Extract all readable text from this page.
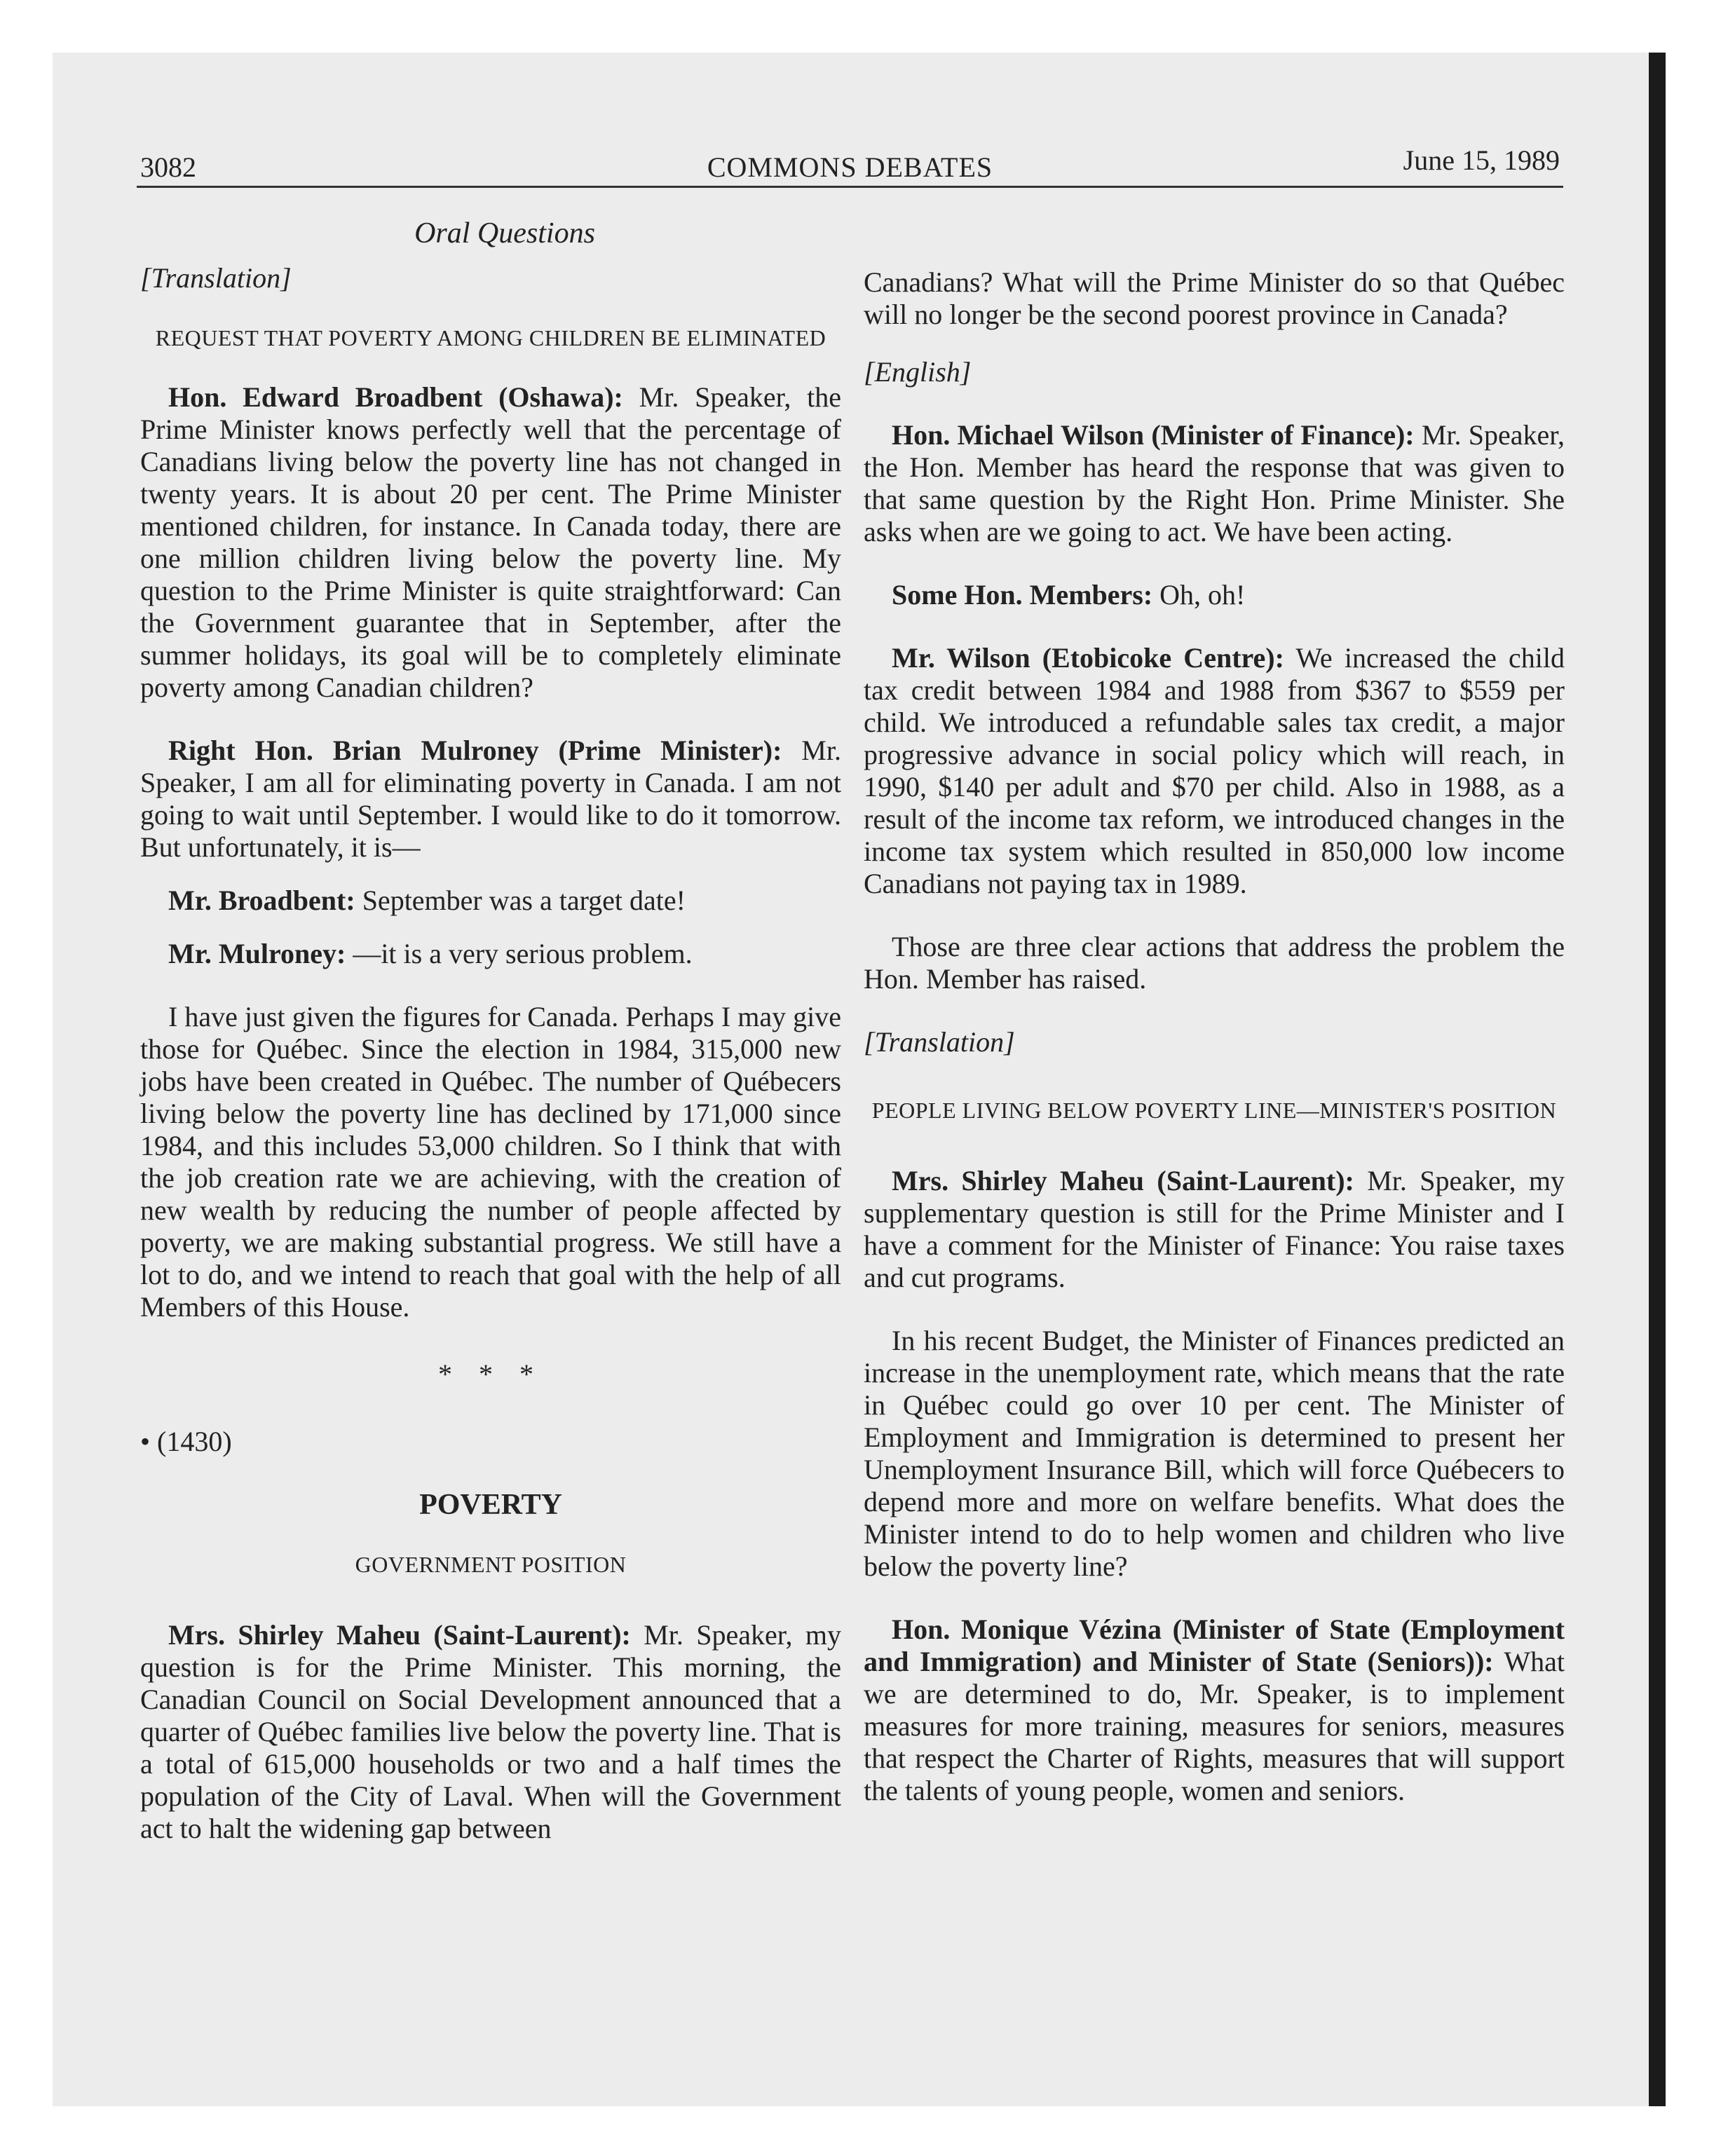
3082	COMMONS DEBATES	June 15, 1989

Oral Questions

[Translation]

REQUEST THAT POVERTY AMONG CHILDREN BE ELIMINATED

Hon. Edward Broadbent (Oshawa): Mr. Speaker, the Prime Minister knows perfectly well that the percentage of Canadians living below the poverty line has not changed in twenty years. It is about 20 per cent. The Prime Minister mentioned children, for instance. In Canada today, there are one million children living below the poverty line. My question to the Prime Minister is quite straightforward: Can the Government guarantee that in September, after the summer holidays, its goal will be to completely eliminate poverty among Canadian children?

Right Hon. Brian Mulroney (Prime Minister): Mr. Speaker, I am all for eliminating poverty in Canada. I am not going to wait until September. I would like to do it tomorrow. But unfortunately, it is—

Mr. Broadbent: September was a target date!

Mr. Mulroney: —it is a very serious problem.

I have just given the figures for Canada. Perhaps I may give those for Québec. Since the election in 1984, 315,000 new jobs have been created in Québec. The number of Québecers living below the poverty line has declined by 171,000 since 1984, and this includes 53,000 children. So I think that with the job creation rate we are achieving, with the creation of new wealth by reducing the number of people affected by poverty, we are making substantial progress. We still have a lot to do, and we intend to reach that goal with the help of all Members of this House.

* * *

• (1430)

POVERTY

GOVERNMENT POSITION

Mrs. Shirley Maheu (Saint-Laurent): Mr. Speaker, my question is for the Prime Minister. This morning, the Canadian Council on Social Development announced that a quarter of Québec families live below the poverty line. That is a total of 615,000 households or two and a half times the population of the City of Laval. When will the Government act to halt the widening gap between

Canadians? What will the Prime Minister do so that Québec will no longer be the second poorest province in Canada?

[English]

Hon. Michael Wilson (Minister of Finance): Mr. Speaker, the Hon. Member has heard the response that was given to that same question by the Right Hon. Prime Minister. She asks when are we going to act. We have been acting.

Some Hon. Members: Oh, oh!

Mr. Wilson (Etobicoke Centre): We increased the child tax credit between 1984 and 1988 from $367 to $559 per child. We introduced a refundable sales tax credit, a major progressive advance in social policy which will reach, in 1990, $140 per adult and $70 per child. Also in 1988, as a result of the income tax reform, we introduced changes in the income tax system which resulted in 850,000 low income Canadians not paying tax in 1989.

Those are three clear actions that address the problem the Hon. Member has raised.

[Translation]

PEOPLE LIVING BELOW POVERTY LINE—MINISTER'S POSITION

Mrs. Shirley Maheu (Saint-Laurent): Mr. Speaker, my supplementary question is still for the Prime Minister and I have a comment for the Minister of Finance: You raise taxes and cut programs.

In his recent Budget, the Minister of Finances predicted an increase in the unemployment rate, which means that the rate in Québec could go over 10 per cent. The Minister of Employment and Immigration is determined to present her Unemployment Insurance Bill, which will force Québecers to depend more and more on welfare benefits. What does the Minister intend to do to help women and children who live below the poverty line?

Hon. Monique Vézina (Minister of State (Employment and Immigration) and Minister of State (Seniors)): What we are determined to do, Mr. Speaker, is to implement measures for more training, measures for seniors, measures that respect the Charter of Rights, measures that will support the talents of young people, women and seniors.
